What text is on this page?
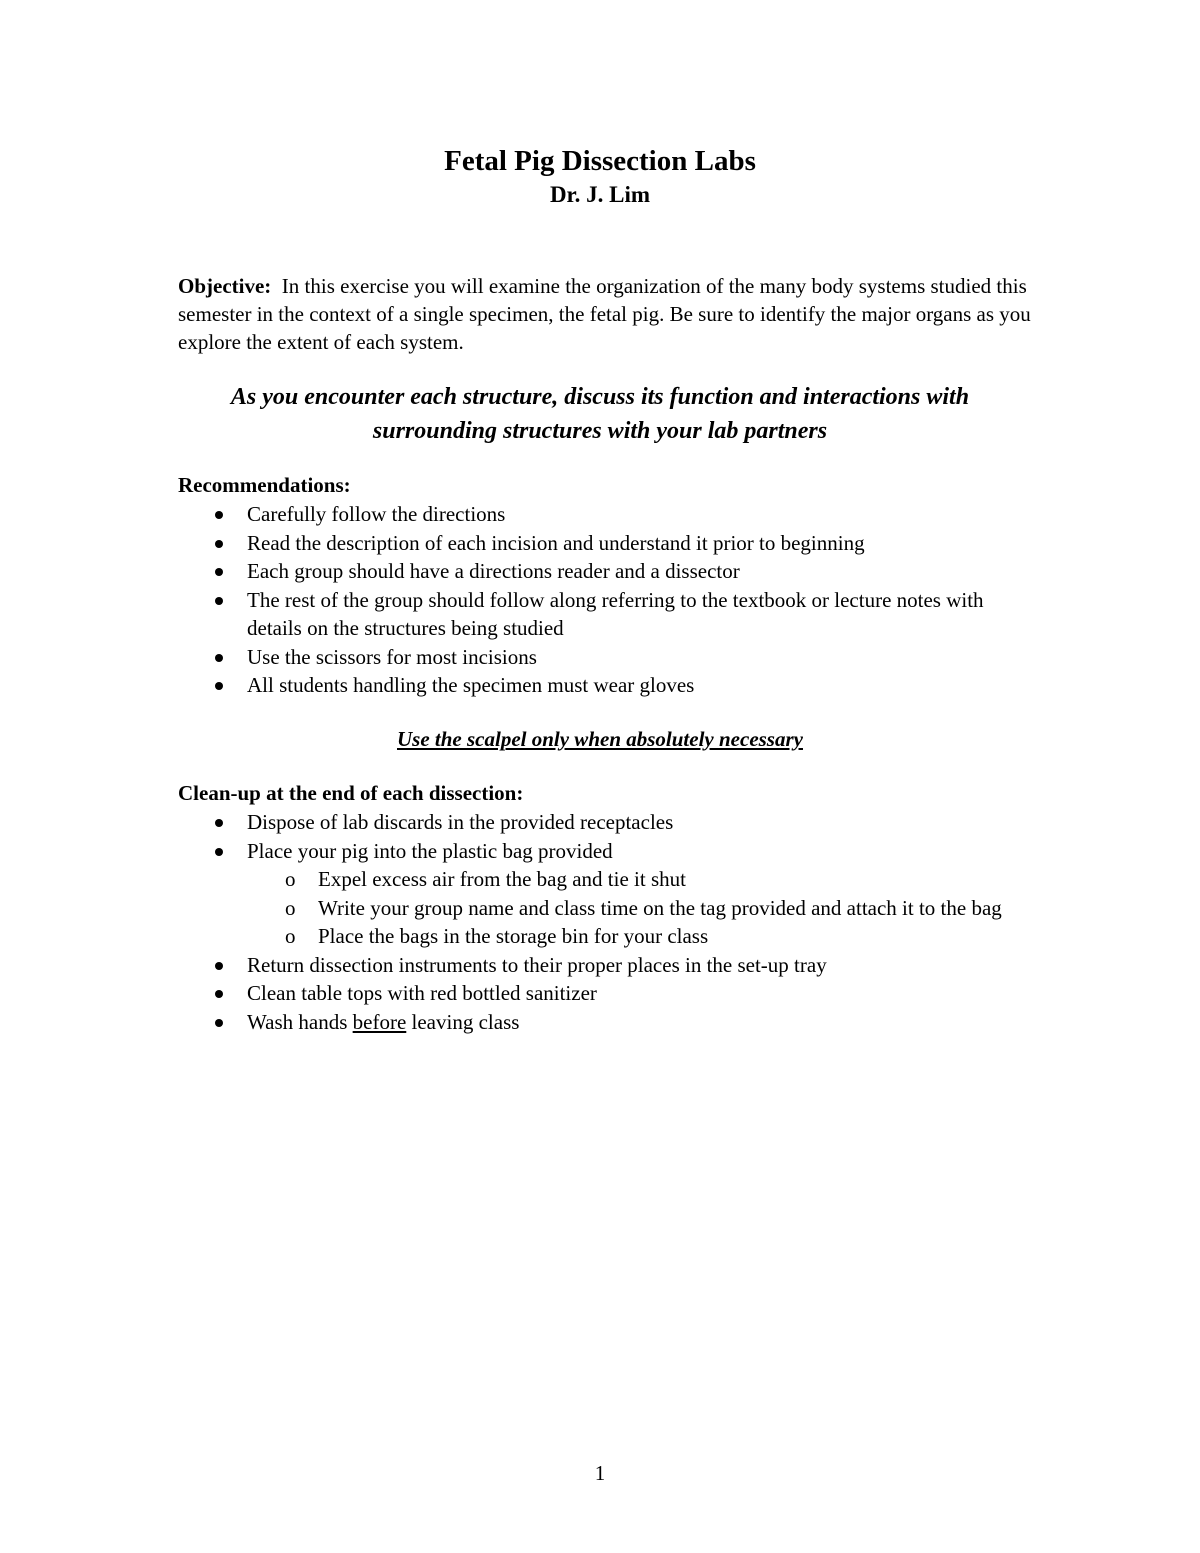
Fetal Pig Dissection Labs
Dr. J. Lim
Objective: In this exercise you will examine the organization of the many body systems studied this semester in the context of a single specimen, the fetal pig. Be sure to identify the major organs as you explore the extent of each system.
As you encounter each structure, discuss its function and interactions with
surrounding structures with your lab partners
Recommendations:
Carefully follow the directions
Read the description of each incision and understand it prior to beginning
Each group should have a directions reader and a dissector
The rest of the group should follow along referring to the textbook or lecture notes with details on the structures being studied
Use the scissors for most incisions
All students handling the specimen must wear gloves
Use the scalpel only when absolutely necessary
Clean-up at the end of each dissection:
Dispose of lab discards in the provided receptacles
Place your pig into the plastic bag provided
o Expel excess air from the bag and tie it shut
o Write your group name and class time on the tag provided and attach it to the bag
o Place the bags in the storage bin for your class
Return dissection instruments to their proper places in the set-up tray
Clean table tops with red bottled sanitizer
Wash hands before leaving class
1
